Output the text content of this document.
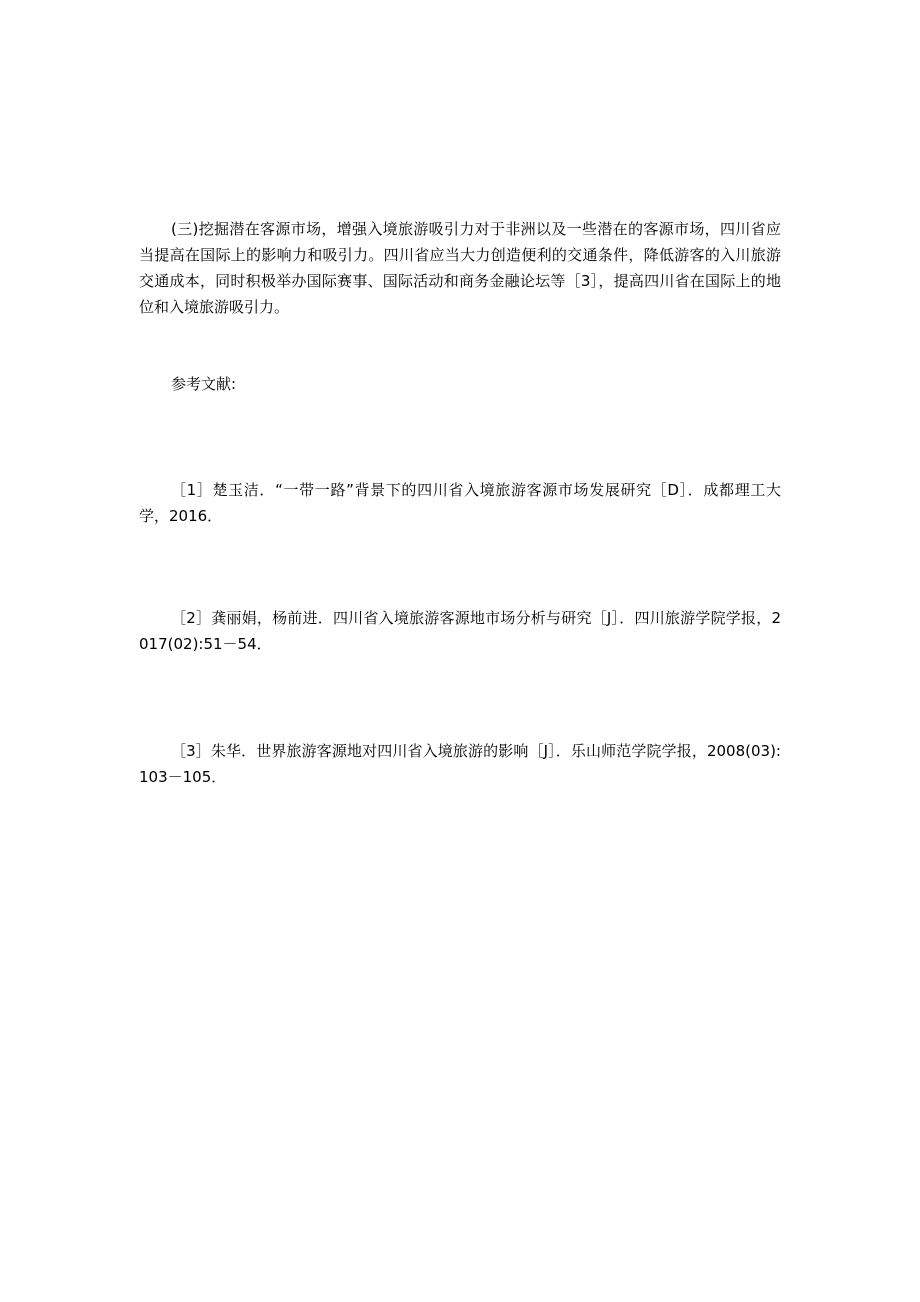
(三)挖掘潜在客源市场，增强入境旅游吸引力对于非洲以及一些潜在的客源市场，四川省应当提高在国际上的影响力和吸引力。四川省应当大力创造便利的交通条件，降低游客的入川旅游交通成本，同时积极举办国际赛事、国际活动和商务金融论坛等［3］，提高四川省在国际上的地位和入境旅游吸引力。

参考文献:

［1］楚玉洁．“一带一路”背景下的四川省入境旅游客源市场发展研究［D］．成都理工大学，2016．

［2］龚丽娟，杨前进．四川省入境旅游客源地市场分析与研究［J］．四川旅游学院学报，2017(02):51－54．

［3］朱华．世界旅游客源地对四川省入境旅游的影响［J］．乐山师范学院学报，2008(03):103－105．
